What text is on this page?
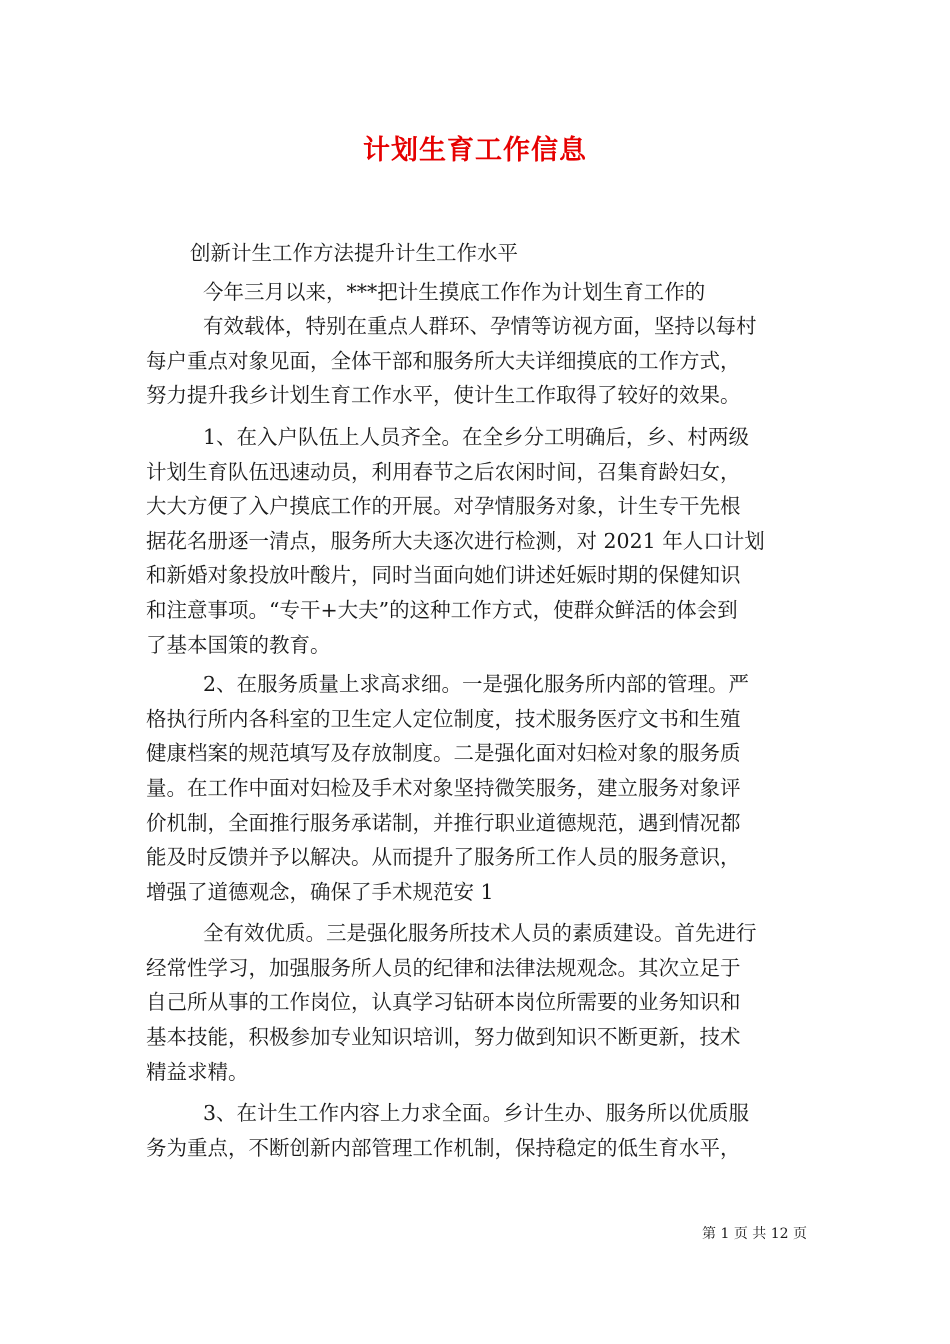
计划生育工作信息
创新计生工作方法提升计生工作水平
今年三月以来，***把计生摸底工作作为计划生育工作的
有效载体，特别在重点人群环、孕情等访视方面，坚持以每村
每户重点对象见面，全体干部和服务所大夫详细摸底的工作方式，
努力提升我乡计划生育工作水平，使计生工作取得了较好的效果。
1、在入户队伍上人员齐全。在全乡分工明确后，乡、村两级
计划生育队伍迅速动员，利用春节之后农闲时间，召集育龄妇女，
大大方便了入户摸底工作的开展。对孕情服务对象，计生专干先根
据花名册逐一清点，服务所大夫逐次进行检测，对 2021 年人口计划
和新婚对象投放叶酸片，同时当面向她们讲述妊娠时期的保健知识
和注意事项。“专干+大夫”的这种工作方式，使群众鲜活的体会到
了基本国策的教育。
2、在服务质量上求高求细。一是强化服务所内部的管理。严
格执行所内各科室的卫生定人定位制度，技术服务医疗文书和生殖
健康档案的规范填写及存放制度。二是强化面对妇检对象的服务质
量。在工作中面对妇检及手术对象坚持微笑服务，建立服务对象评
价机制，全面推行服务承诺制，并推行职业道德规范，遇到情况都
能及时反馈并予以解决。从而提升了服务所工作人员的服务意识，
增强了道德观念，确保了手术规范安 1
全有效优质。三是强化服务所技术人员的素质建设。首先进行
经常性学习，加强服务所人员的纪律和法律法规观念。其次立足于
自己所从事的工作岗位，认真学习钻研本岗位所需要的业务知识和
基本技能，积极参加专业知识培训，努力做到知识不断更新，技术
精益求精。
3、在计生工作内容上力求全面。乡计生办、服务所以优质服
务为重点，不断创新内部管理工作机制，保持稳定的低生育水平，
第 1 页 共 12 页
